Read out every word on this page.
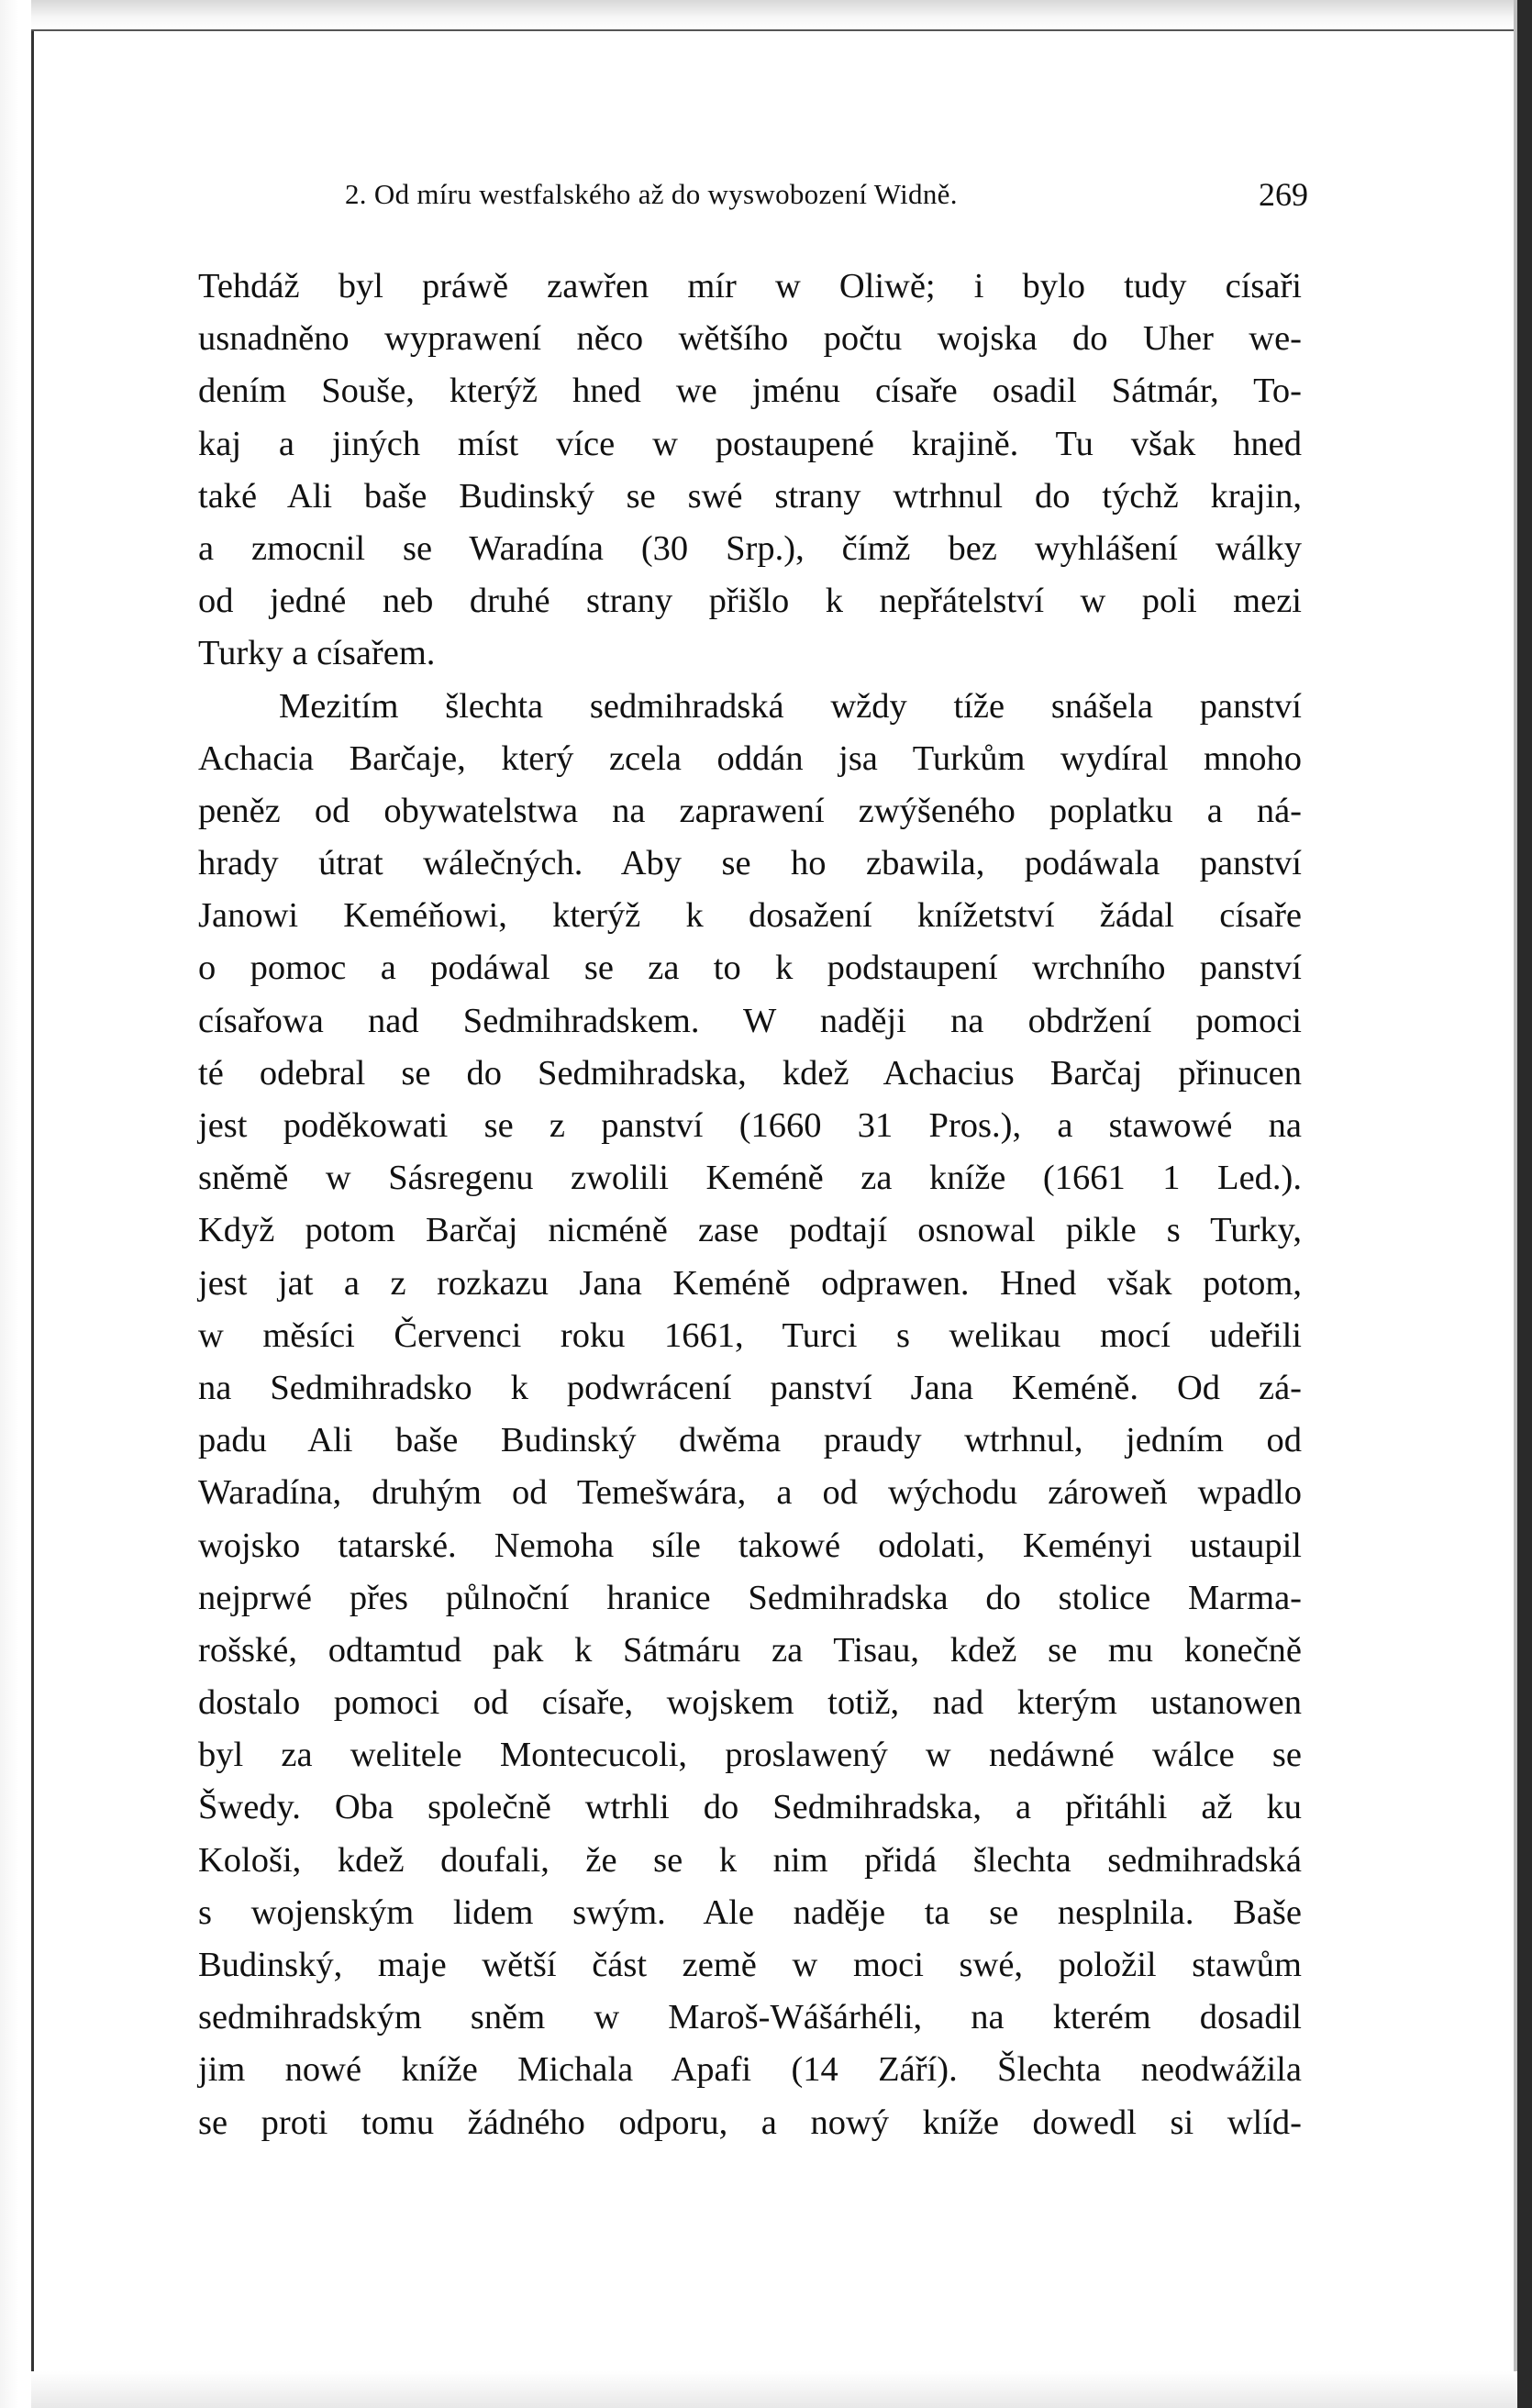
2. Od míru westfalského až do wyswobození Widně.	269
Tehdáž byl práwě zawřen mír w Oliwě; i bylo tudy císaři
usnadněno wyprawení něco wětšího počtu wojska do Uher we-
dením Souše, kterýž hned we jménu císaře osadil Sátmár, To-
kaj a jiných míst více w postaupené krajině. Tu však hned
také Ali baše Budinský se swé strany wtrhnul do týchž krajin,
a zmocnil se Waradína (30 Srp.), čímž bez wyhlášení wálky
od jedné neb druhé strany přišlo k nepřátelství w poli mezi
Turky a císařem.
Mezitím šlechta sedmihradská wždy tíže snášela panství
Achacia Barčaje, který zcela oddán jsa Turkům wydíral mnoho
peněz od obywatelstwa na zaprawení zwýšeného poplatku a ná-
hrady útrat wálečných. Aby se ho zbawila, podáwala panství
Janowi Keméňowi, kterýž k dosažení knížetství žádal císaře
o pomoc a podáwal se za to k podstaupení wrchního panství
císařowa nad Sedmihradskem. W naději na obdržení pomoci
té odebral se do Sedmihradska, kdež Achacius Barčaj přinucen
jest poděkowati se z panství (1660 31 Pros.), a stawowé na
sněmě w Sásregenu zwolili Keméně za kníže (1661 1 Led.).
Když potom Barčaj nicméně zase podtají osnowal pikle s Turky,
jest jat a z rozkazu Jana Keméně odprawen. Hned však potom,
w měsíci Červenci roku 1661, Turci s welikau mocí udeřili
na Sedmihradsko k podwrácení panství Jana Keméně. Od zá-
padu Ali baše Budinský dwěma praudy wtrhnul, jedním od
Waradína, druhým od Temešwára, a od wýchodu zároweň wpadlo
wojsko tatarské. Nemoha síle takowé odolati, Keményi ustaupil
nejprwé přes půlnoční hranice Sedmihradska do stolice Marma-
rošské, odtamtud pak k Sátmáru za Tisau, kdež se mu konečně
dostalo pomoci od císaře, wojskem totiž, nad kterým ustanowen
byl za welitele Montecucoli, proslawený w nedáwné wálce se
Šwedy. Oba společně wtrhli do Sedmihradska, a přitáhli až ku
Kološi, kdež doufali, že se k nim přidá šlechta sedmihradská
s wojenským lidem swým. Ale naděje ta se nesplnila. Baše
Budinský, maje wětší část země w moci swé, položil stawům
sedmihradským sněm w Maroš-Wášárhéli, na kterém dosadil
jim nowé kníže Michala Apafi (14 Září). Šlechta neodwážila
se proti tomu žádného odporu, a nowý kníže dowedl si wlíd-
